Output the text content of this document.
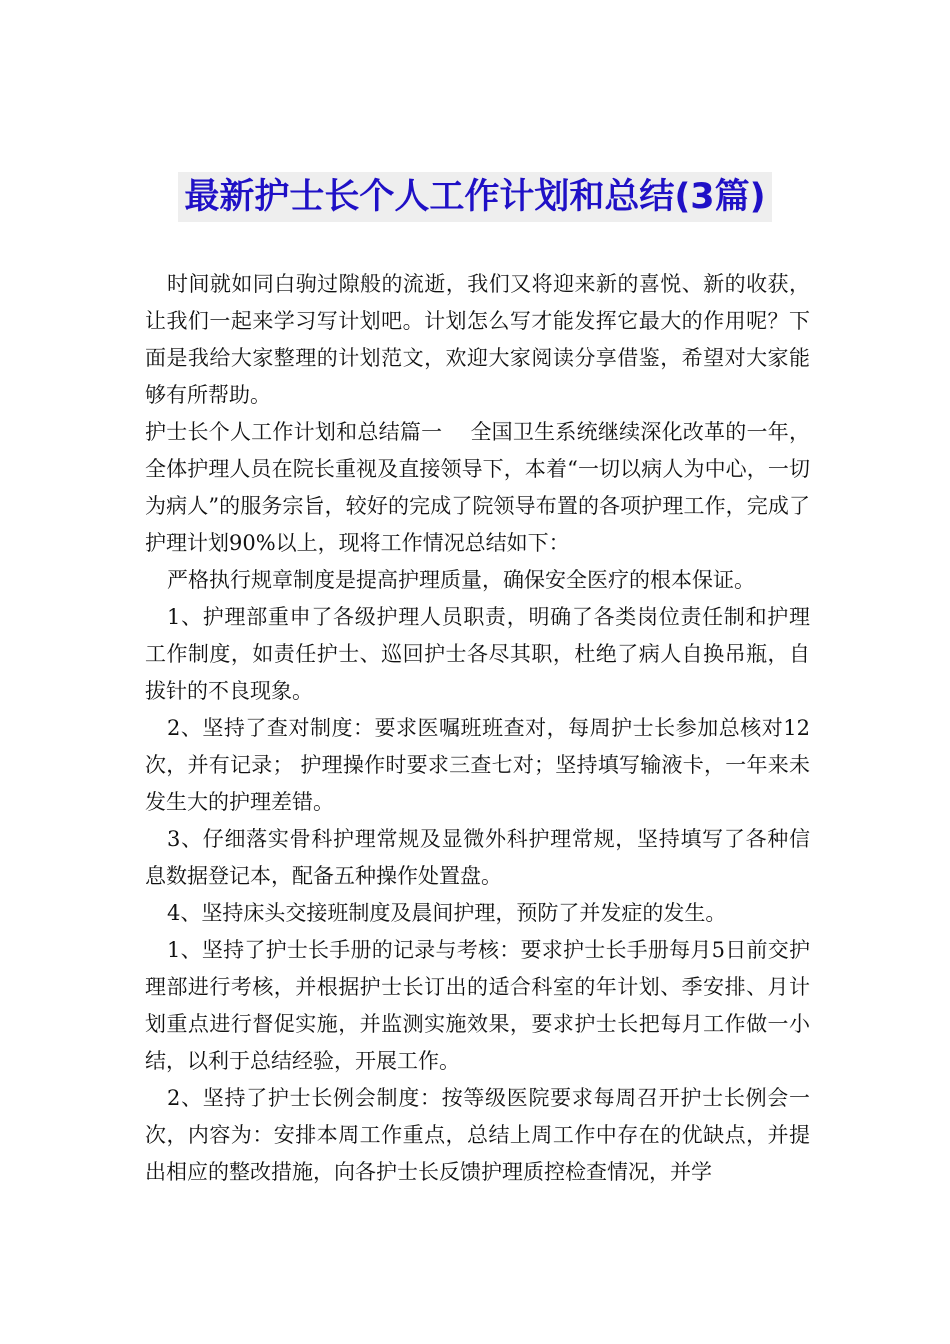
最新护士长个人工作计划和总结(3篇)

时间就如同白驹过隙般的流逝，我们又将迎来新的喜悦、新的收获，让我们一起来学习写计划吧。计划怎么写才能发挥它最大的作用呢？下面是我给大家整理的计划范文，欢迎大家阅读分享借鉴，希望对大家能够有所帮助。

护士长个人工作计划和总结篇一　 全国卫生系统继续深化改革的一年，全体护理人员在院长重视及直接领导下，本着“一切以病人为中心，一切为病人”的服务宗旨，较好的完成了院领导布置的各项护理工作，完成了护理计划90%以上，现将工作情况总结如下：

严格执行规章制度是提高护理质量，确保安全医疗的根本保证。

1、护理部重申了各级护理人员职责，明确了各类岗位责任制和护理工作制度，如责任护士、巡回护士各尽其职，杜绝了病人自换吊瓶，自拔针的不良现象。

2、坚持了查对制度：要求医嘱班班查对，每周护士长参加总核对12次，并有记录； 护理操作时要求三查七对；坚持填写输液卡，一年来未发生大的护理差错。

3、仔细落实骨科护理常规及显微外科护理常规，坚持填写了各种信息数据登记本，配备五种操作处置盘。

4、坚持床头交接班制度及晨间护理，预防了并发症的发生。

1、坚持了护士长手册的记录与考核：要求护士长手册每月5日前交护理部进行考核，并根据护士长订出的适合科室的年计划、季安排、月计划重点进行督促实施，并监测实施效果，要求护士长把每月工作做一小结，以利于总结经验，开展工作。

2、坚持了护士长例会制度：按等级医院要求每周召开护士长例会一次，内容为：安排本周工作重点，总结上周工作中存在的优缺点，并提出相应的整改措施，向各护士长反馈护理质控检查情况，并学
